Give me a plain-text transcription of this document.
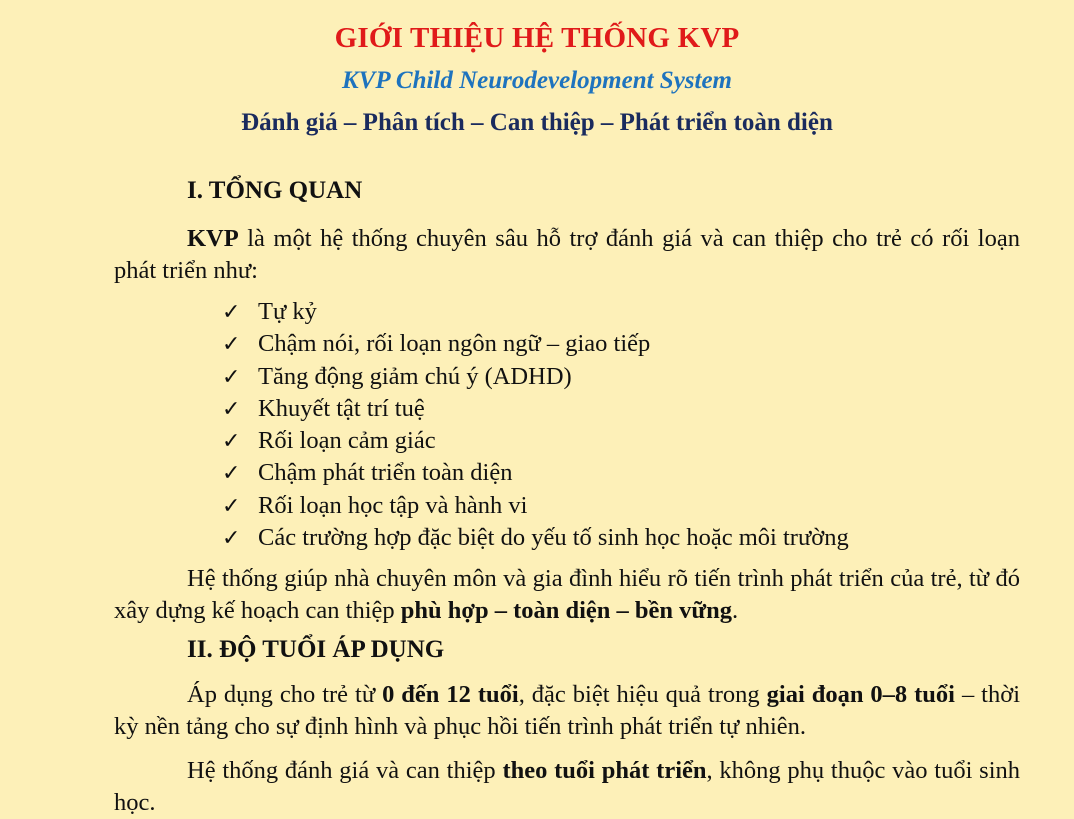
GIỚI THIỆU HỆ THỐNG KVP
KVP Child Neurodevelopment System
Đánh giá – Phân tích – Can thiệp – Phát triển toàn diện
I. TỔNG QUAN

KVP là một hệ thống chuyên sâu hỗ trợ đánh giá và can thiệp cho trẻ có rối loạn phát triển như:

✓ Tự kỷ
✓ Chậm nói, rối loạn ngôn ngữ – giao tiếp
✓ Tăng động giảm chú ý (ADHD)
✓ Khuyết tật trí tuệ
✓ Rối loạn cảm giác
✓ Chậm phát triển toàn diện
✓ Rối loạn học tập và hành vi
✓ Các trường hợp đặc biệt do yếu tố sinh học hoặc môi trường

Hệ thống giúp nhà chuyên môn và gia đình hiểu rõ tiến trình phát triển của trẻ, từ đó xây dựng kế hoạch can thiệp phù hợp – toàn diện – bền vững.

II. ĐỘ TUỔI ÁP DỤNG

Áp dụng cho trẻ từ 0 đến 12 tuổi, đặc biệt hiệu quả trong giai đoạn 0–8 tuổi – thời kỳ nền tảng cho sự định hình và phục hồi tiến trình phát triển tự nhiên.

Hệ thống đánh giá và can thiệp theo tuổi phát triển, không phụ thuộc vào tuổi sinh học.
